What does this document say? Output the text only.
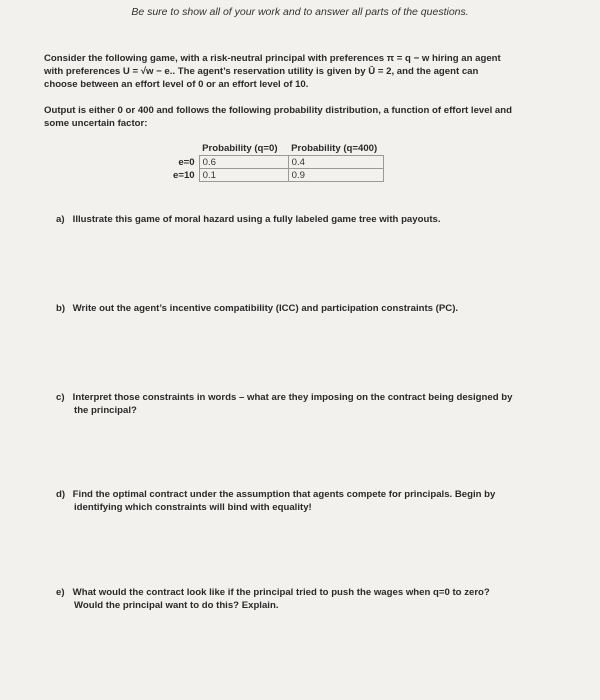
Be sure to show all of your work and to answer all parts of the questions.
Consider the following game, with a risk-neutral principal with preferences π = q − w hiring an agent
with preferences U = √w − e.. The agent’s reservation utility is given by Ū = 2, and the agent can
choose between an effort level of 0 or an effort level of 10.
Output is either 0 or 400 and follows the following probability distribution, a function of effort level and
some uncertain factor:
	Probability (q=0)	Probability (q=400)
e=0	0.6	0.4
e=10	0.1	0.9
a) Illustrate this game of moral hazard using a fully labeled game tree with payouts.
b) Write out the agent’s incentive compatibility (ICC) and participation constraints (PC).
c) Interpret those constraints in words – what are they imposing on the contract being designed by
the principal?
d) Find the optimal contract under the assumption that agents compete for principals. Begin by
identifying which constraints will bind with equality!
e) What would the contract look like if the principal tried to push the wages when q=0 to zero?
Would the principal want to do this? Explain.
